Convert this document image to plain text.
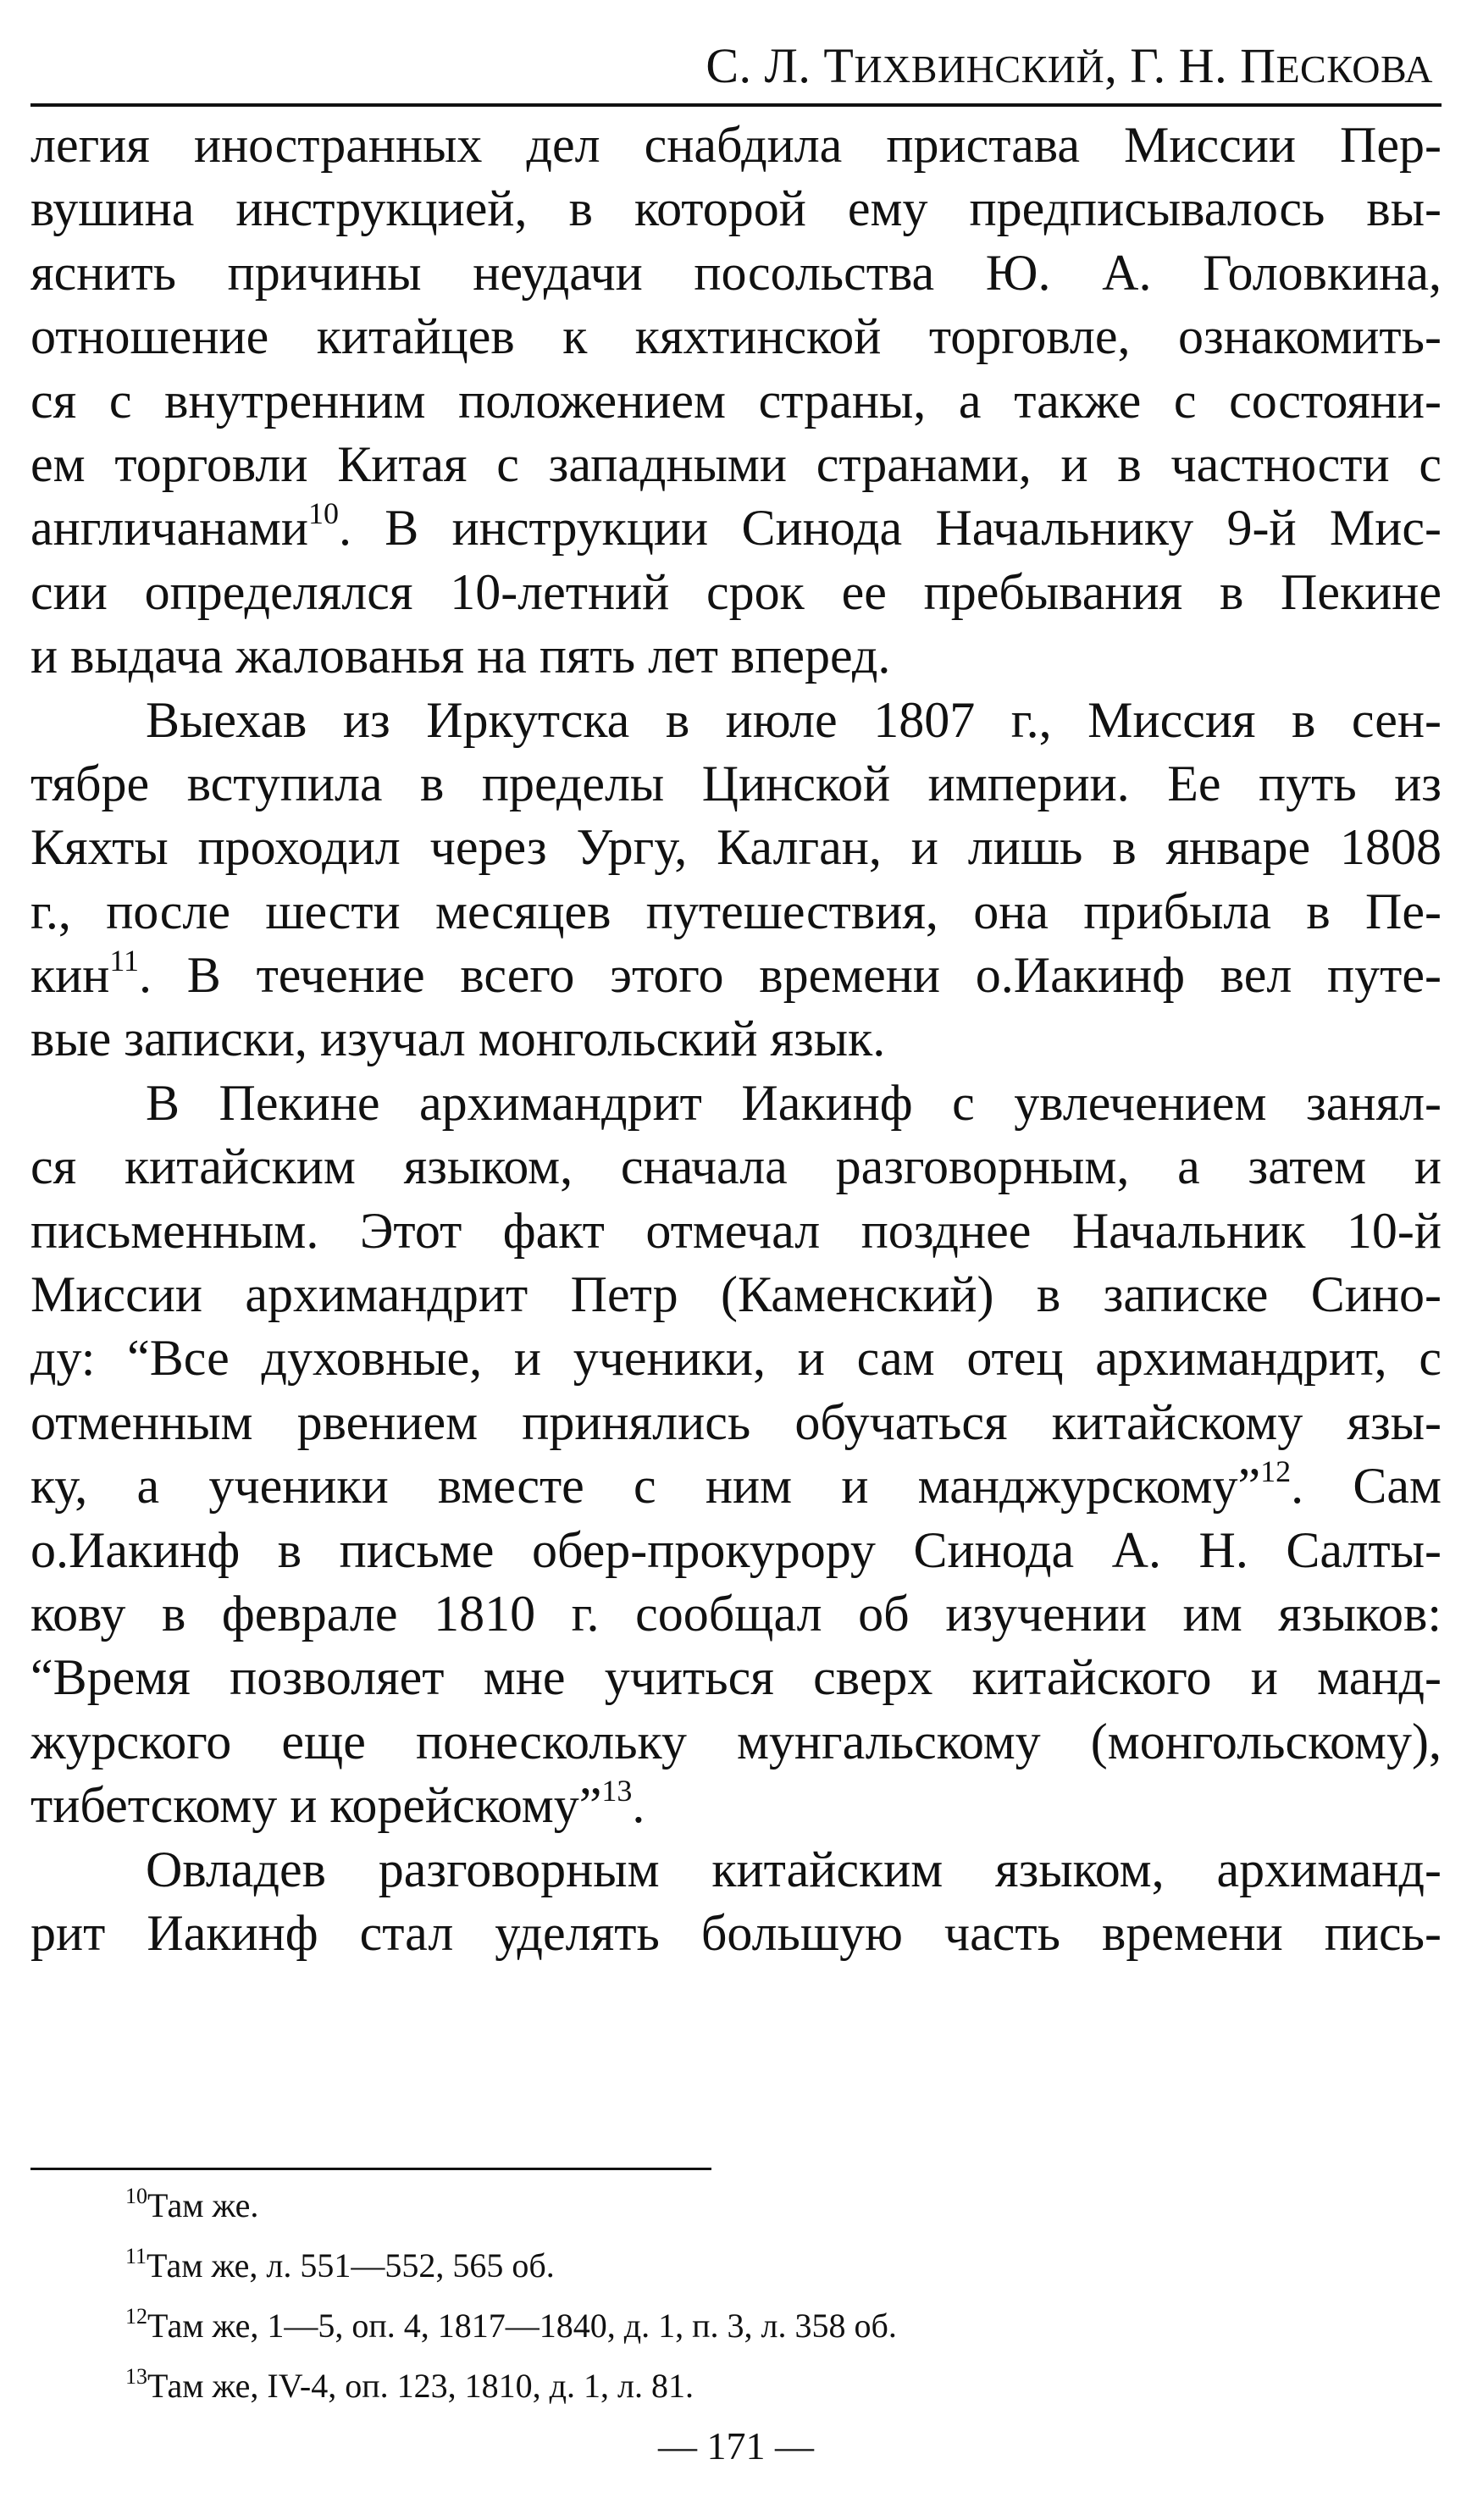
С. Л. ТИХВИНСКИЙ, Г. Н. ПЕСКОВА
легия иностранных дел снабдила пристава Миссии Пер-
вушина инструкцией, в которой ему предписывалось вы-
яснить причины неудачи посольства Ю. А. Головкина,
отношение китайцев к кяхтинской торговле, ознакомить-
ся с внутренним положением страны, а также с состояни-
ем торговли Китая с западными странами, и в частности с
англичанами$^{10}$. В инструкции Синода Начальнику 9-й Мис-
сии определялся 10-летний срок ее пребывания в Пекине
и выдача жалованья на пять лет вперед.
Выехав из Иркутска в июле 1807 г., Миссия в сен-
тябре вступила в пределы Цинской империи. Ее путь из
Кяхты проходил через Ургу, Калган, и лишь в январе 1808
г., после шести месяцев путешествия, она прибыла в Пе-
кин$^{11}$. В течение всего этого времени о.Иакинф вел путе-
вые записки, изучал монгольский язык.
В Пекине архимандрит Иакинф с увлечением занял-
ся китайским языком, сначала разговорным, а затем и
письменным. Этот факт отмечал позднее Начальник 10-й
Миссии архимандрит Петр (Каменский) в записке Сино-
ду: “Все духовные, и ученики, и сам отец архимандрит, с
отменным рвением принялись обучаться китайскому язы-
ку, а ученики вместе с ним и манджурскому”$^{12}$. Сам
о.Иакинф в письме обер-прокурору Синода А. Н. Салты-
кову в феврале 1810 г. сообщал об изучении им языков:
“Время позволяет мне учиться сверх китайского и манд-
журского еще понескольку мунгальскому (монгольскому),
тибетскому и корейскому”$^{13}$.
Овладев разговорным китайским языком, архиманд-
рит Иакинф стал уделять большую часть времени пись-
$^{10}$Там же.
$^{11}$Там же, л. 551—552, 565 об.
$^{12}$Там же, 1—5, оп. 4, 1817—1840, д. 1, п. 3, л. 358 об.
$^{13}$Там же, IV-4, оп. 123, 1810, д. 1, л. 81.
— 171 —
